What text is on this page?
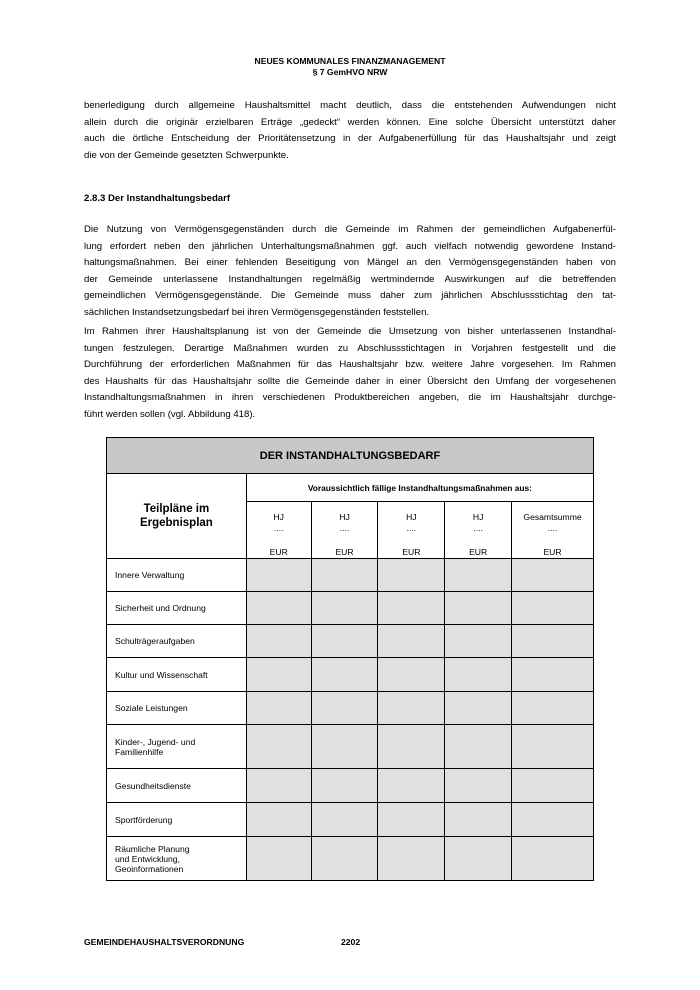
NEUES KOMMUNALES FINANZMANAGEMENT
§ 7 GemHVO NRW
benerledigung durch allgemeine Haushaltsmittel macht deutlich, dass die entstehenden Aufwendungen nicht
allein durch die originär erzielbaren Erträge „gedeckt“ werden können. Eine solche Übersicht unterstützt daher
auch die örtliche Entscheidung der Prioritätensetzung in der Aufgabenerfüllung für das Haushaltsjahr und zeigt
die von der Gemeinde gesetzten Schwerpunkte.
2.8.3 Der Instandhaltungsbedarf
Die Nutzung von Vermögensgegenständen durch die Gemeinde im Rahmen der gemeindlichen Aufgabenerfül-
lung erfordert neben den jährlichen Unterhaltungsmaßnahmen ggf. auch vielfach notwendig gewordene Instand-
haltungsmaßnahmen. Bei einer fehlenden Beseitigung von Mängel an den Vermögensgegenständen haben von
der Gemeinde unterlassene Instandhaltungen regelmäßig wertmindernde Auswirkungen auf die betreffenden
gemeindlichen Vermögensgegenstände. Die Gemeinde muss daher zum jährlichen Abschlussstichtag den tat-
sächlichen Instandsetzungsbedarf bei ihren Vermögensgegenständen feststellen.
Im Rahmen ihrer Haushaltsplanung ist von der Gemeinde die Umsetzung von bisher unterlassenen Instandhal-
tungen festzulegen. Derartige Maßnahmen wurden zu Abschlussstichtagen in Vorjahren festgestellt und die
Durchführung der erforderlichen Maßnahmen für das Haushaltsjahr bzw. weitere Jahre vorgesehen. Im Rahmen
des Haushalts für das Haushaltsjahr sollte die Gemeinde daher in einer Übersicht den Umfang der vorgesehenen
Instandhaltungsmaßnahmen in ihren verschiedenen Produktbereichen angeben, die im Haushaltsjahr durchge-
führt werden sollen (vgl. Abbildung 418).
DER INSTANDHALTUNGSBEDARF					

Teilpläne im
Ergebnisplan	Voraussichtlich fällige Instandhaltungsmaßnahmen aus:				

	HJ
....
EUR	HJ
....
EUR	HJ
....
EUR	HJ
....
EUR	Gesamtsumme
....
EUR

Innere Verwaltung					
Sicherheit und Ordnung					
Schulträgeraufgaben					
Kultur und Wissenschaft					
Soziale Leistungen					
Kinder-, Jugend- und
Familienhilfe					
Gesundheitsdienste					
Sportförderung					
Räumliche Planung
und Entwicklung,
Geoinformationen					
GEMEINDEHAUSHALTSVERORDNUNG	2202
